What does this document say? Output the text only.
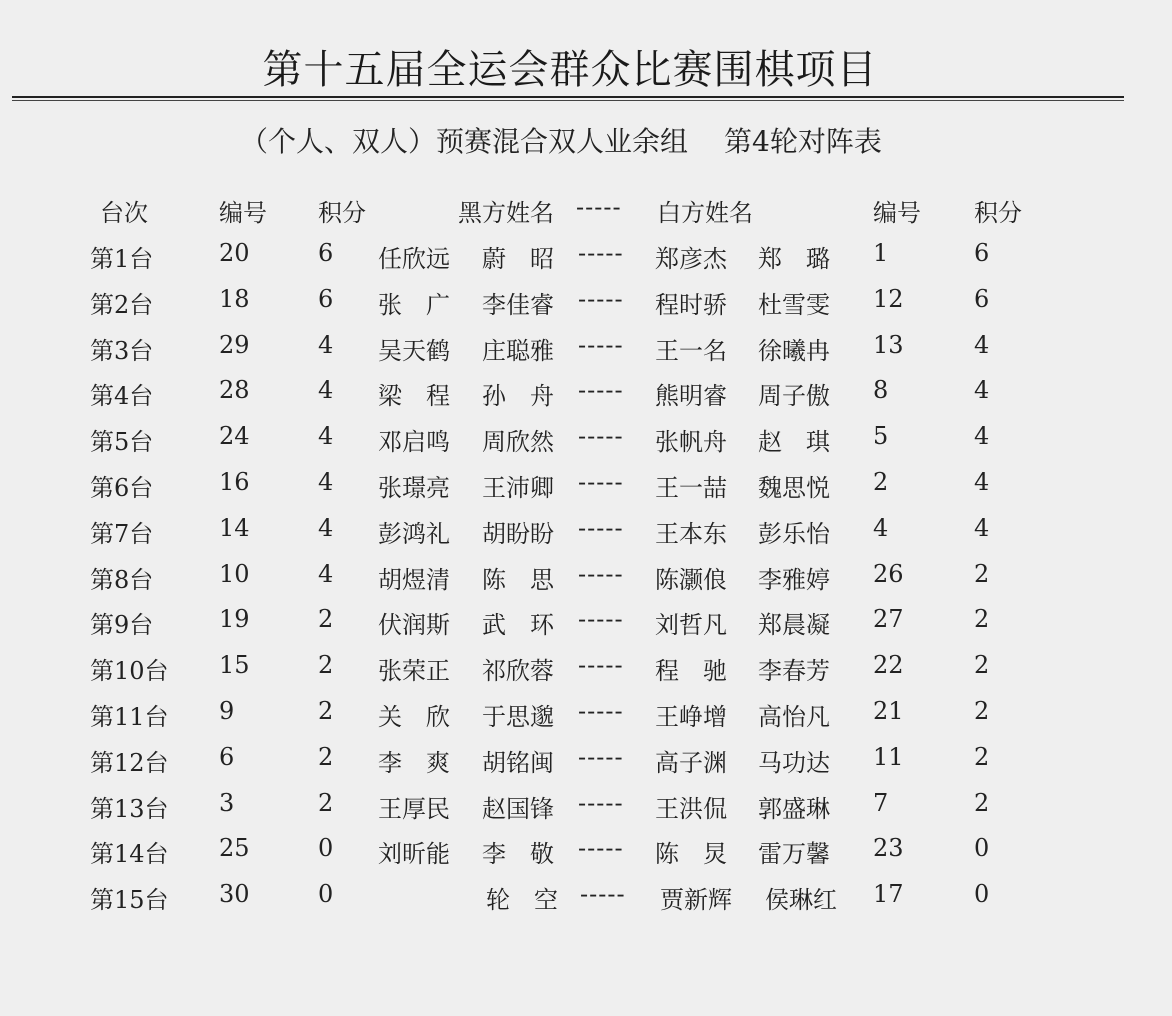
第十五届全运会群众比赛围棋项目
（个人、双人）预赛混合双人业余组 第4轮对阵表
台次	编号 积分	黑方姓名 ----- 白方姓名	编号 积分
第1台	20	6 任欣远 蔚　昭 ----- 郑彦杰 郑　璐 1	6
第2台	18	6 张　广 李佳睿 ----- 程时骄 杜雪雯 12	6
第3台	29	4 吴天鹤 庄聪雅 ----- 王一名 徐曦冉 13	4
第4台	28	4 梁　程 孙　舟 ----- 熊明睿 周子傲 8	4
第5台	24	4 邓启鸣 周欣然 ----- 张帆舟 赵　琪 5	4
第6台	16	4 张璟亮 王沛卿 ----- 王一喆 魏思悦 2	4
第7台	14	4 彭鸿礼 胡盼盼 ----- 王本东 彭乐怡 4	4
第8台	10	4 胡煜清 陈　思 ----- 陈灏俍 李雅婷 26	2
第9台	19	2 伏润斯 武　环 ----- 刘哲凡 郑晨凝 27	2
第10台 15	2 张荣正 祁欣蓉 ----- 程　驰 李春芳 22	2
第11台 9	2 关　欣 于思邈 ----- 王峥增 高怡凡 21	2
第12台 6	2 李　爽 胡铭闽 ----- 高子渊 马功达 11	2
第13台 3	2 王厚民 赵国锋 ----- 王洪侃 郭盛琳 7	2
第14台 25	0 刘昕能 李　敬 ----- 陈　炅 雷万馨 23	0
第15台 30	0	轮　空 ----- 贾新辉 侯琳红 17	0
